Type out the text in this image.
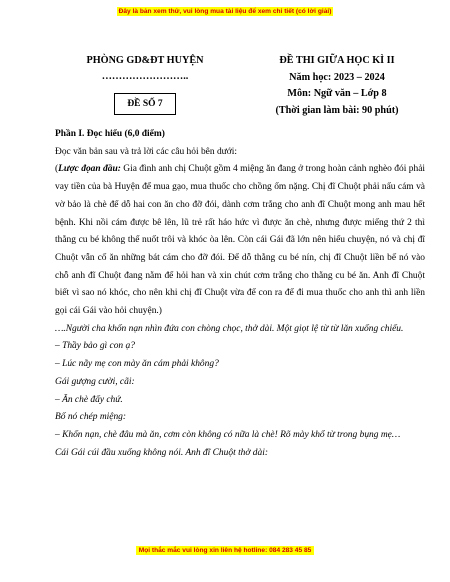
Đây là bản xem thử, vui lòng mua tài liệu để xem chi tiết (có lời giải)
PHÒNG GD&ĐT HUYỆN
……………………..
ĐỀ SỐ 7
ĐỀ THI GIỮA HỌC KÌ II
Năm học: 2023 – 2024
Môn: Ngữ văn – Lớp 8
(Thời gian làm bài: 90 phút)

Phần I. Đọc hiểu (6,0 điểm)

Đọc văn bản sau và trả lời các câu hỏi bên dưới:

(Lược đọan đầu: Gia đình anh chị Chuột gồm 4 miệng ăn đang ở trong hoàn cảnh nghèo đói phải vay tiền của bà Huyện để mua gạo, mua thuốc cho chồng ốm nặng. Chị đĩ Chuột phải nấu cám và vờ bảo là chè để dỗ hai con ăn cho đỡ đói, dành cơm trắng cho anh đĩ Chuột mong anh mau hết bệnh. Khi nồi cám được bê lên, lũ trẻ rất háo hức vì được ăn chè, nhưng được miếng thứ 2 thì thằng cu bé không thể nuốt trôi và khóc òa lên. Còn cái Gái đã lớn nên hiểu chuyện, nó và chị đĩ Chuột vẫn cố ăn những bát cám cho đỡ đói. Để dỗ thằng cu bé nín, chị đĩ Chuột liền bế nó vào chỗ anh đĩ Chuột đang nằm để hỏi han và xin chút cơm trắng cho thằng cu bé ăn. Anh đĩ Chuột biết vì sao nó khóc, cho nên khi chị đĩ Chuột vừa để con ra để đi mua thuốc cho anh thì anh liền gọi cái Gái vào hỏi chuyện.)

….Người cha khốn nạn nhìn đứa con chòng chọc, thở dài. Một giọt lệ từ từ lăn xuống chiếu.

– Thầy bảo gì con ạ?

– Lúc nãy mẹ con mày ăn cám phải không?

Gái gượng cười, cãi:

– Ăn chè đấy chứ.

Bố nó chép miệng:

– Khốn nạn, chè đâu mà ăn, cơm còn không có nữa là chè! Rõ mày khổ từ trong bụng mẹ…

Cái Gái cúi đầu xuống không nói. Anh đĩ Chuột thở dài:

Mọi thắc mắc vui lòng xin liên hệ hotline: 084 283 45 85
